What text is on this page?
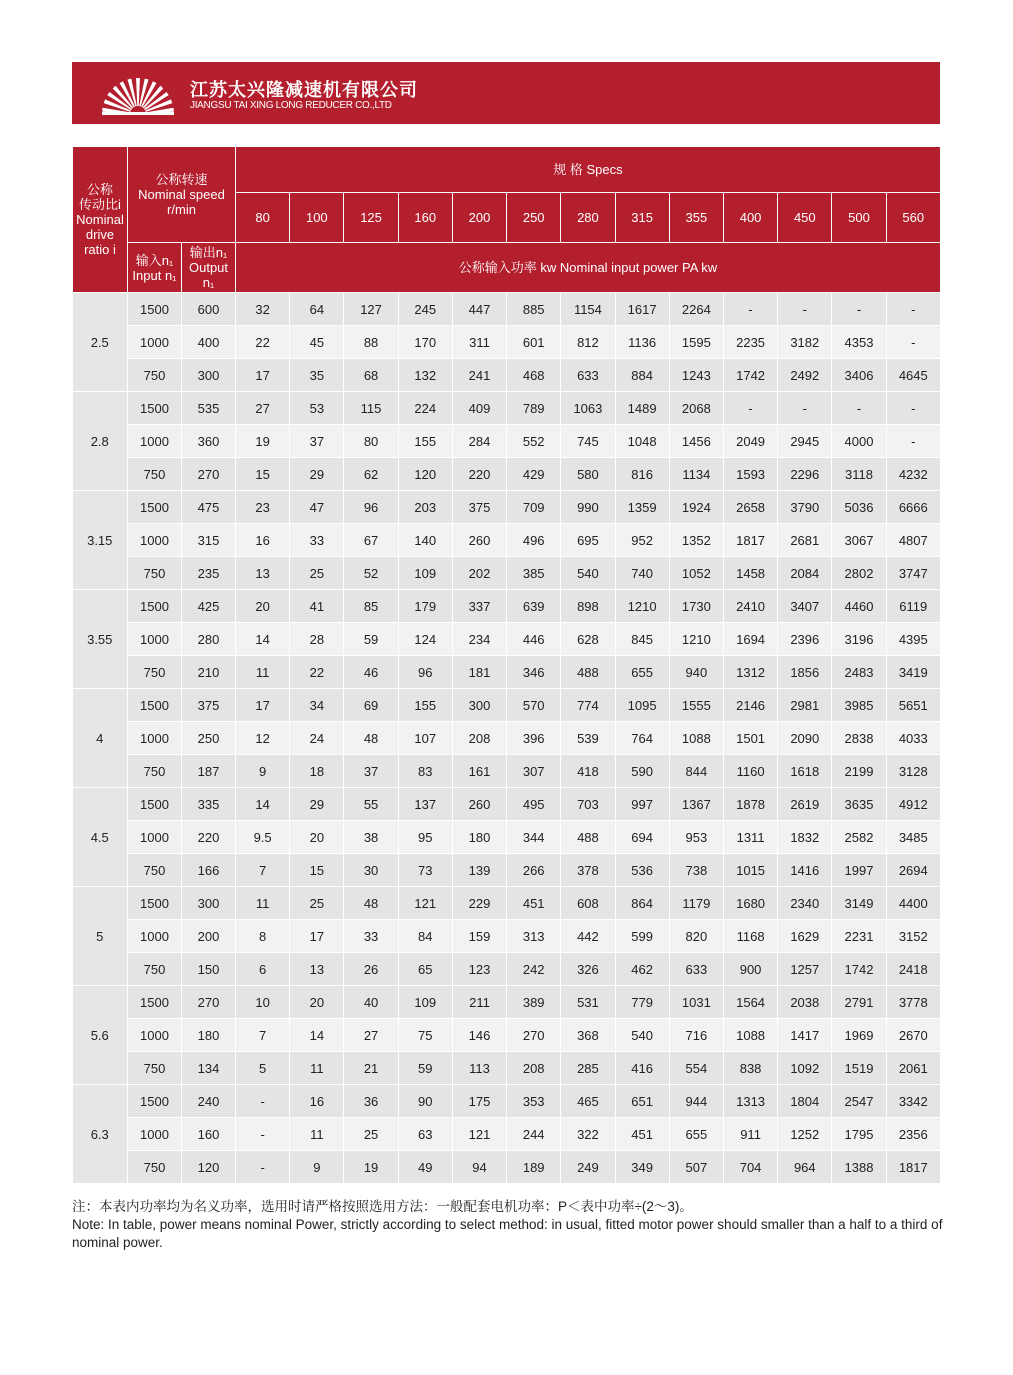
江苏太兴隆减速机有限公司
JIANGSU TAI XING LONG REDUCER CO.,LTD
公称
传动比i
Nominal
drive
ratio i	公称转速
Nominal speed
r/min		规 格 Specs												
			80	100	125	160	200	250	280	315	355	400	450	500	560
	输入n₁
Input n₁	输出n₁
Output
n₁	公称输入功率 kw Nominal input power PA kw												
2.5	1500	600	32	64	127	245	447	885	1154	1617	2264	-	-	-	-
	1000	400	22	45	88	170	311	601	812	1136	1595	2235	3182	4353	-
	750	300	17	35	68	132	241	468	633	884	1243	1742	2492	3406	4645
2.8	1500	535	27	53	115	224	409	789	1063	1489	2068	-	-	-	-
	1000	360	19	37	80	155	284	552	745	1048	1456	2049	2945	4000	-
	750	270	15	29	62	120	220	429	580	816	1134	1593	2296	3118	4232
3.15	1500	475	23	47	96	203	375	709	990	1359	1924	2658	3790	5036	6666
	1000	315	16	33	67	140	260	496	695	952	1352	1817	2681	3067	4807
	750	235	13	25	52	109	202	385	540	740	1052	1458	2084	2802	3747
3.55	1500	425	20	41	85	179	337	639	898	1210	1730	2410	3407	4460	6119
	1000	280	14	28	59	124	234	446	628	845	1210	1694	2396	3196	4395
	750	210	11	22	46	96	181	346	488	655	940	1312	1856	2483	3419
4	1500	375	17	34	69	155	300	570	774	1095	1555	2146	2981	3985	5651
	1000	250	12	24	48	107	208	396	539	764	1088	1501	2090	2838	4033
	750	187	9	18	37	83	161	307	418	590	844	1160	1618	2199	3128
4.5	1500	335	14	29	55	137	260	495	703	997	1367	1878	2619	3635	4912
	1000	220	9.5	20	38	95	180	344	488	694	953	1311	1832	2582	3485
	750	166	7	15	30	73	139	266	378	536	738	1015	1416	1997	2694
5	1500	300	11	25	48	121	229	451	608	864	1179	1680	2340	3149	4400
	1000	200	8	17	33	84	159	313	442	599	820	1168	1629	2231	3152
	750	150	6	13	26	65	123	242	326	462	633	900	1257	1742	2418
5.6	1500	270	10	20	40	109	211	389	531	779	1031	1564	2038	2791	3778
	1000	180	7	14	27	75	146	270	368	540	716	1088	1417	1969	2670
	750	134	5	11	21	59	113	208	285	416	554	838	1092	1519	2061
6.3	1500	240	-	16	36	90	175	353	465	651	944	1313	1804	2547	3342
	1000	160	-	11	25	63	121	244	322	451	655	911	1252	1795	2356
	750	120	-	9	19	49	94	189	249	349	507	704	964	1388	1817
注：本表内功率均为名义功率，选用时请严格按照选用方法：一般配套电机功率：P＜表中功率÷(2～3)。
Note: In table, power means nominal Power, strictly according to select method: in usual, fitted motor power should smaller than a half to a third of nominal power.
